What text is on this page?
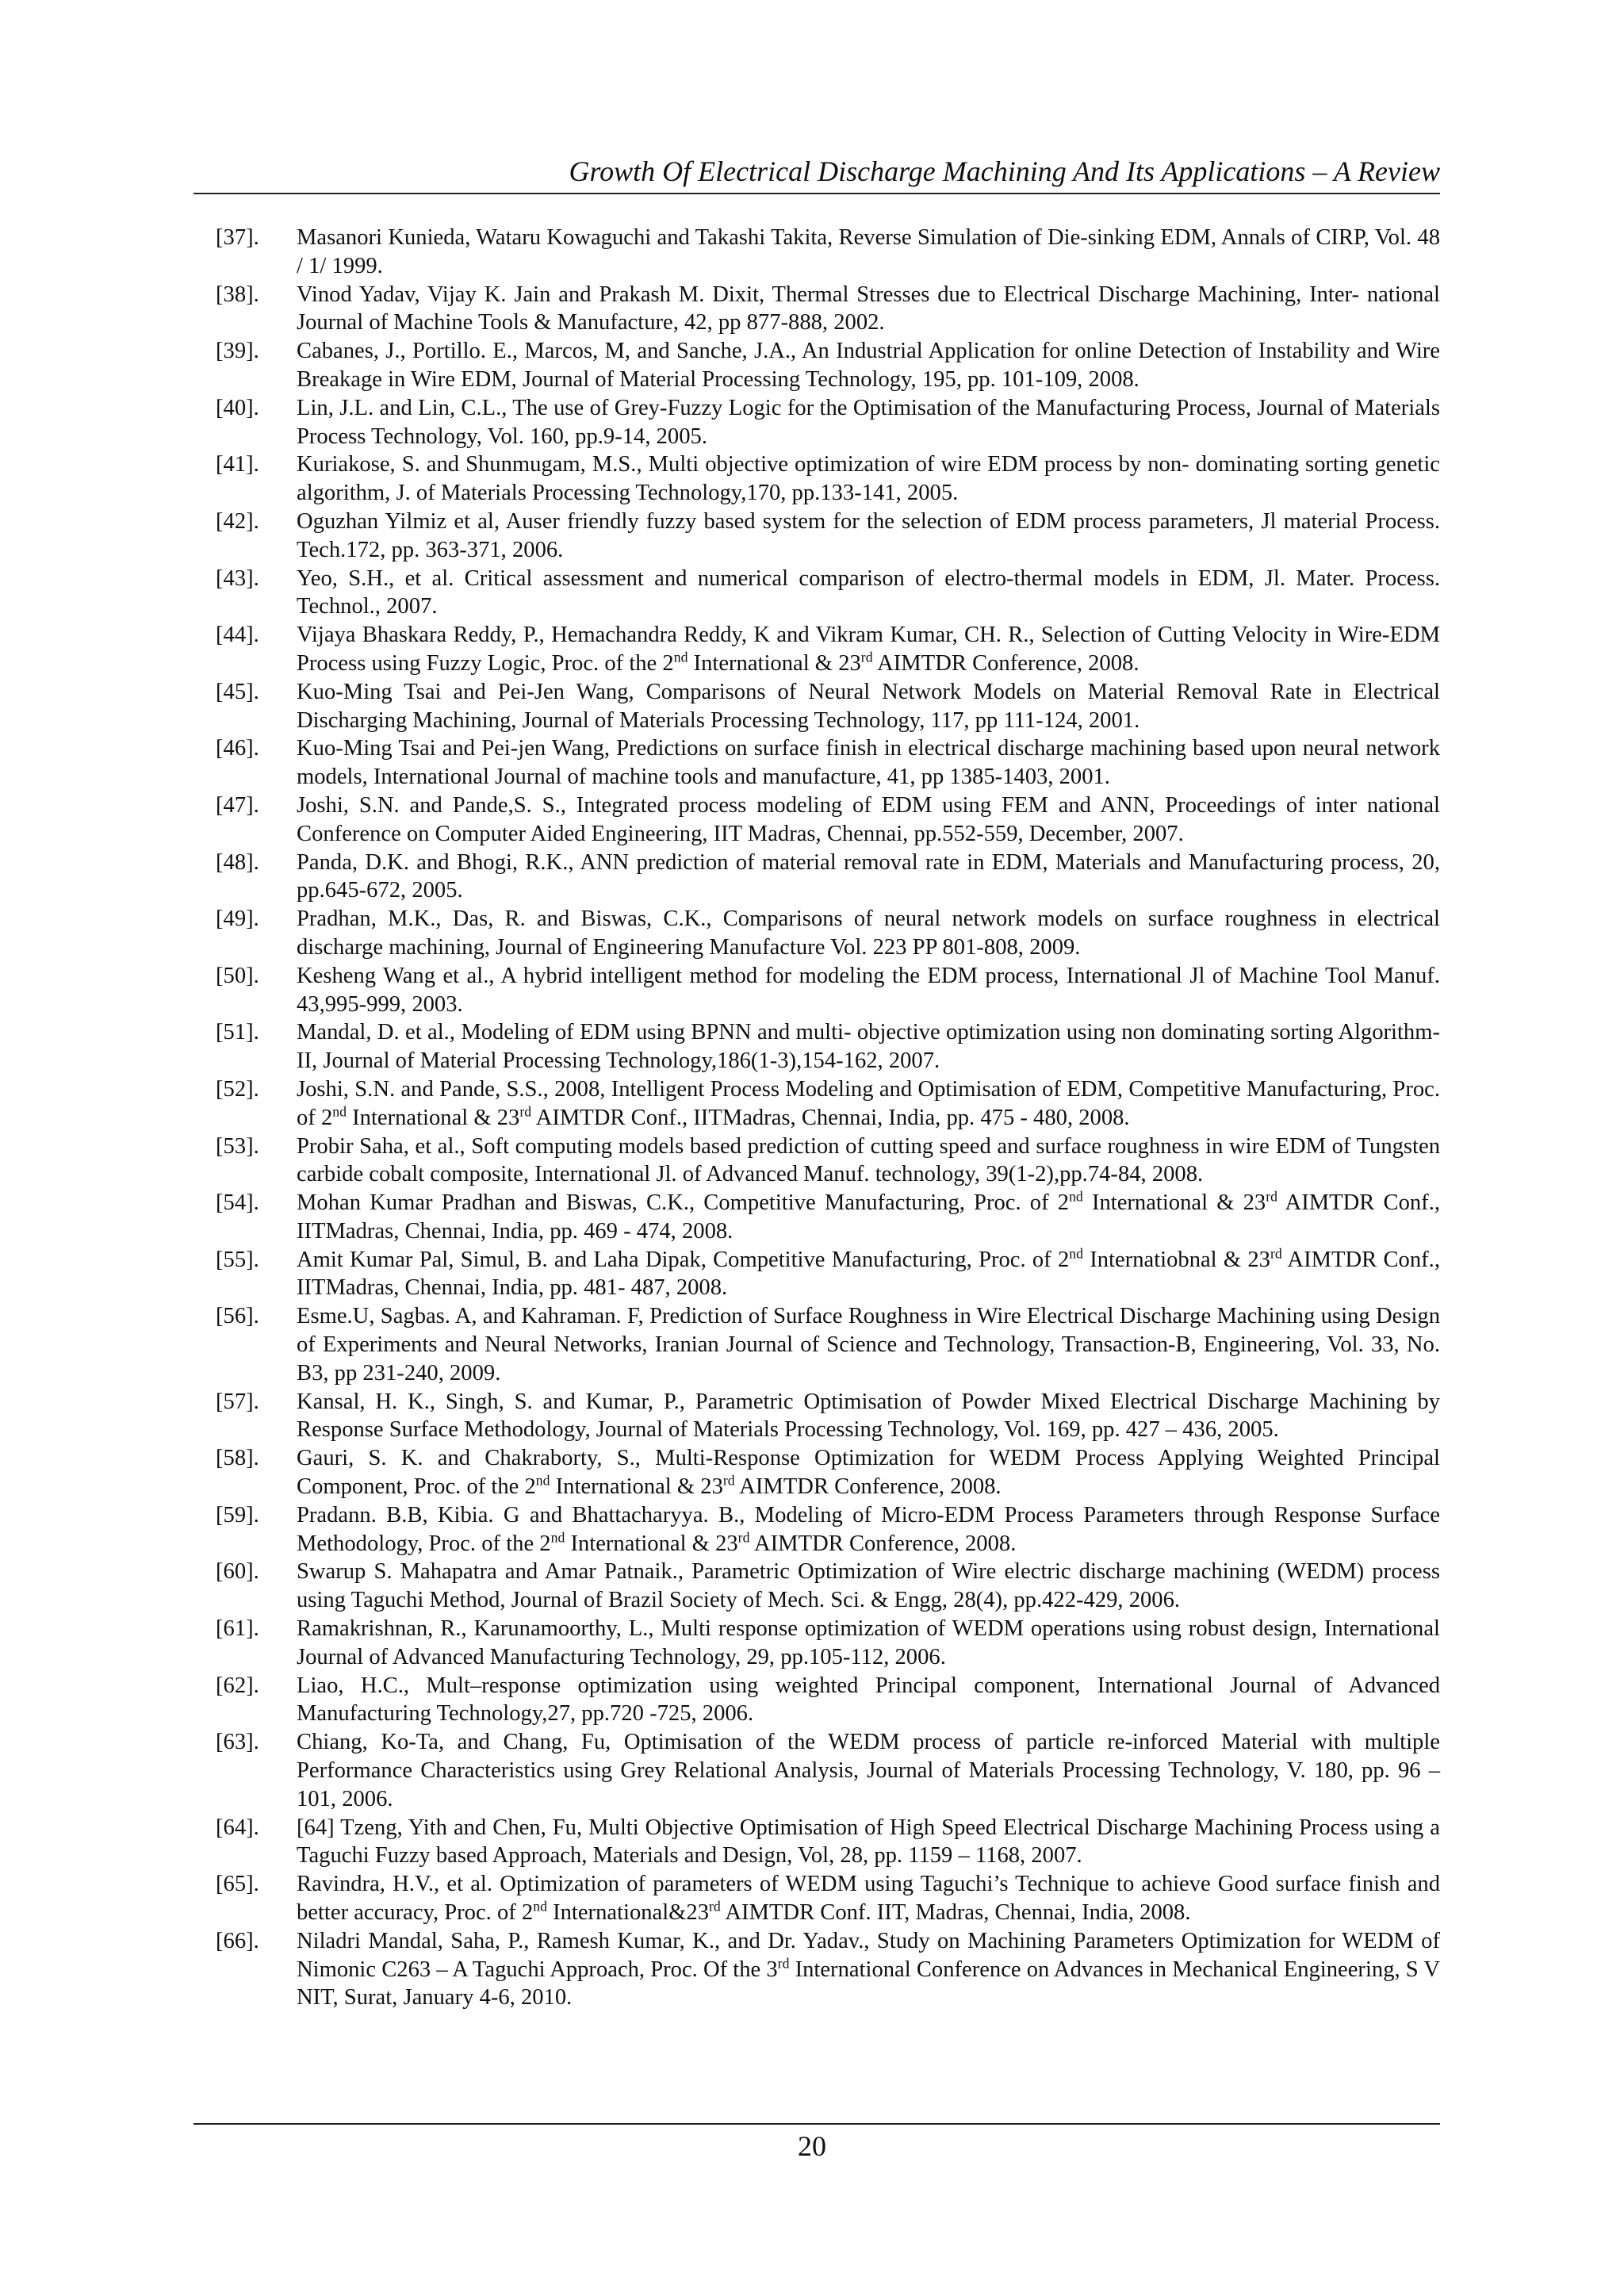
Growth Of Electrical Discharge Machining And Its Applications – A Review
[37].	Masanori Kunieda, Wataru Kowaguchi and Takashi Takita, Reverse Simulation of Die-sinking EDM, Annals of CIRP, Vol. 48 / 1/ 1999.
[38].	Vinod Yadav, Vijay K. Jain and Prakash M. Dixit, Thermal Stresses due to Electrical Discharge Machining, Inter- national Journal of Machine Tools & Manufacture, 42, pp 877-888, 2002.
[39].	Cabanes, J., Portillo. E., Marcos, M, and Sanche, J.A., An Industrial Application for online Detection of Instability and Wire Breakage in Wire EDM, Journal of Material Processing Technology, 195, pp. 101-109, 2008.
[40].	Lin, J.L. and Lin, C.L., The use of Grey-Fuzzy Logic for the Optimisation of the Manufacturing Process, Journal of Materials Process Technology, Vol. 160, pp.9-14, 2005.
[41].	Kuriakose, S. and Shunmugam, M.S., Multi objective optimization of wire EDM process by non- dominating sorting genetic algorithm, J. of Materials Processing Technology,170, pp.133-141, 2005.
[42].	Oguzhan Yilmiz et al, Auser friendly fuzzy based system for the selection of EDM process parameters, Jl material Process. Tech.172, pp. 363-371, 2006.
[43].	Yeo, S.H., et al. Critical assessment and numerical comparison of electro-thermal models in EDM, Jl. Mater. Process. Technol., 2007.
[44].	Vijaya Bhaskara Reddy, P., Hemachandra Reddy, K and Vikram Kumar, CH. R., Selection of Cutting Velocity in Wire-EDM Process using Fuzzy Logic, Proc. of the 2nd International & 23rd AIMTDR Conference, 2008.
[45].	Kuo-Ming Tsai and Pei-Jen Wang, Comparisons of Neural Network Models on Material Removal Rate in Electrical Discharging Machining, Journal of Materials Processing Technology, 117, pp 111-124, 2001.
[46].	Kuo-Ming Tsai and Pei-jen Wang, Predictions on surface finish in electrical discharge machining based upon neural network models, International Journal of machine tools and manufacture, 41, pp 1385-1403, 2001.
[47].	Joshi, S.N. and Pande,S. S., Integrated process modeling of EDM using FEM and ANN, Proceedings of inter national Conference on Computer Aided Engineering, IIT Madras, Chennai, pp.552-559, December, 2007.
[48].	Panda, D.K. and Bhogi, R.K., ANN prediction of material removal rate in EDM, Materials and Manufacturing process, 20, pp.645-672, 2005.
[49].	Pradhan, M.K., Das, R. and Biswas, C.K., Comparisons of neural network models on surface roughness in electrical discharge machining, Journal of Engineering Manufacture Vol. 223 PP 801-808, 2009.
[50].	Kesheng Wang et al., A hybrid intelligent method for modeling the EDM process, International Jl of Machine Tool Manuf. 43,995-999, 2003.
[51].	Mandal, D. et al., Modeling of EDM using BPNN and multi- objective optimization using non dominating sorting Algorithm-II, Journal of Material Processing Technology,186(1-3),154-162, 2007.
[52].	Joshi, S.N. and Pande, S.S., 2008, Intelligent Process Modeling and Optimisation of EDM, Competitive Manufacturing, Proc. of 2nd International & 23rd AIMTDR Conf., IITMadras, Chennai, India, pp. 475 - 480, 2008.
[53].	Probir Saha, et al., Soft computing models based prediction of cutting speed and surface roughness in wire EDM of Tungsten carbide cobalt composite, International Jl. of Advanced Manuf. technology, 39(1-2),pp.74-84, 2008.
[54].	Mohan Kumar Pradhan and Biswas, C.K., Competitive Manufacturing, Proc. of 2nd International & 23rd AIMTDR Conf., IITMadras, Chennai, India, pp. 469 - 474, 2008.
[55].	Amit Kumar Pal, Simul, B. and Laha Dipak, Competitive Manufacturing, Proc. of 2nd Internatiobnal & 23rd AIMTDR Conf., IITMadras, Chennai, India, pp. 481- 487, 2008.
[56].	Esme.U, Sagbas. A, and Kahraman. F, Prediction of Surface Roughness in Wire Electrical Discharge Machining using Design of Experiments and Neural Networks, Iranian Journal of Science and Technology, Transaction-B, Engineering, Vol. 33, No. B3, pp 231-240, 2009.
[57].	Kansal, H. K., Singh, S. and Kumar, P., Parametric Optimisation of Powder Mixed Electrical Discharge Machining by Response Surface Methodology, Journal of Materials Processing Technology, Vol. 169, pp. 427 – 436, 2005.
[58].	Gauri, S. K. and Chakraborty, S., Multi-Response Optimization for WEDM Process Applying Weighted Principal Component, Proc. of the 2nd International & 23rd AIMTDR Conference, 2008.
[59].	Pradann. B.B, Kibia. G and Bhattacharyya. B., Modeling of Micro-EDM Process Parameters through Response Surface Methodology, Proc. of the 2nd International & 23rd AIMTDR Conference, 2008.
[60].	Swarup S. Mahapatra and Amar Patnaik., Parametric Optimization of Wire electric discharge machining (WEDM) process using Taguchi Method, Journal of Brazil Society of Mech. Sci. & Engg, 28(4), pp.422-429, 2006.
[61].	Ramakrishnan, R., Karunamoorthy, L., Multi response optimization of WEDM operations using robust design, International Journal of Advanced Manufacturing Technology, 29, pp.105-112, 2006.
[62].	Liao, H.C., Mult–response optimization using weighted Principal component, International Journal of Advanced Manufacturing Technology,27, pp.720 -725, 2006.
[63].	Chiang, Ko-Ta, and Chang, Fu, Optimisation of the WEDM process of particle re-inforced Material with multiple Performance Characteristics using Grey Relational Analysis, Journal of Materials Processing Technology, V. 180, pp. 96 – 101, 2006.
[64].	[64] Tzeng, Yith and Chen, Fu, Multi Objective Optimisation of High Speed Electrical Discharge Machining Process using a Taguchi Fuzzy based Approach, Materials and Design, Vol, 28, pp. 1159 – 1168, 2007.
[65].	Ravindra, H.V., et al. Optimization of parameters of WEDM using Taguchi’s Technique to achieve Good surface finish and better accuracy, Proc. of 2nd International&23rd AIMTDR Conf. IIT, Madras, Chennai, India, 2008.
[66].	Niladri Mandal, Saha, P., Ramesh Kumar, K., and Dr. Yadav., Study on Machining Parameters Optimization for WEDM of Nimonic C263 – A Taguchi Approach, Proc. Of the 3rd International Conference on Advances in Mechanical Engineering, S V NIT, Surat, January 4-6, 2010.
20
